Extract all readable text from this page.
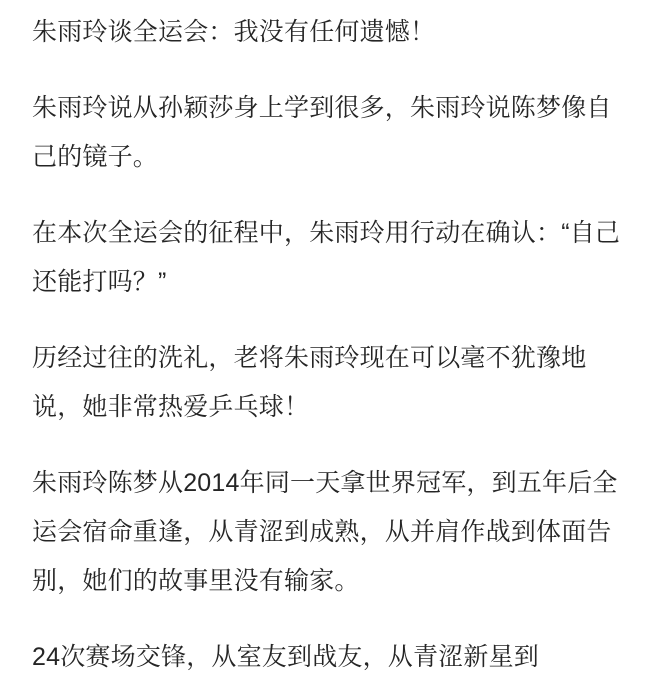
朱雨玲谈全运会：我没有任何遗憾！

朱雨玲说从孙颖莎身上学到很多，朱雨玲说陈梦像自己的镜子。

在本次全运会的征程中，朱雨玲用行动在确认：“自己还能打吗？”

历经过往的洗礼，老将朱雨玲现在可以毫不犹豫地说，她非常热爱乒乓球！

朱雨玲陈梦从2014年同一天拿世界冠军，到五年后全运会宿命重逢，从青涩到成熟，从并肩作战到体面告别，她们的故事里没有输家。

24次赛场交锋，从室友到战友，从青涩新星到
